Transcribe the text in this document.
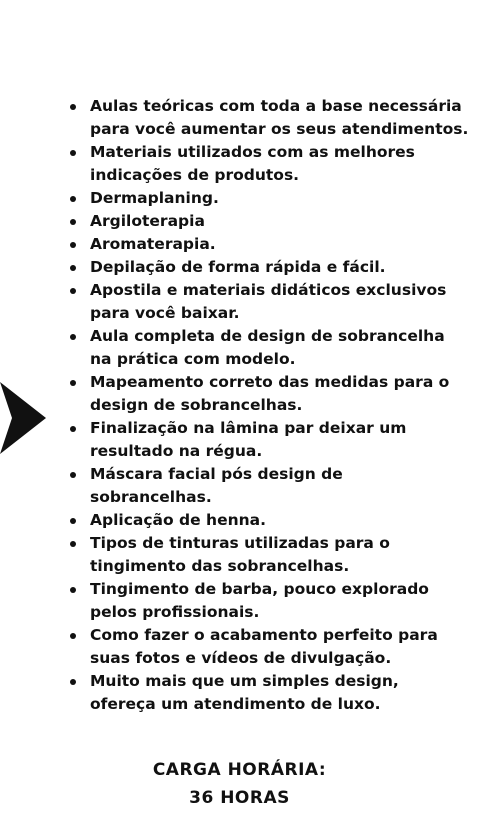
Aulas teóricas com toda a base necessária para você aumentar os seus atendimentos.
Materiais utilizados com as melhores indicações de produtos.
Dermaplaning.
Argiloterapia
Aromaterapia.
Depilação de forma rápida e fácil.
Apostila e materiais didáticos exclusivos para você baixar.
Aula completa de design de sobrancelha na prática com modelo.
Mapeamento correto das medidas para o design de sobrancelhas.
Finalização na lâmina par deixar um resultado na régua.
Máscara facial pós design de sobrancelhas.
Aplicação de henna.
Tipos de tinturas utilizadas para o tingimento das sobrancelhas.
Tingimento de barba, pouco explorado pelos profissionais.
Como fazer o acabamento perfeito para suas fotos e vídeos de divulgação.
Muito mais que um simples design, ofereça um atendimento de luxo.
CARGA HORÁRIA:
36 HORAS
